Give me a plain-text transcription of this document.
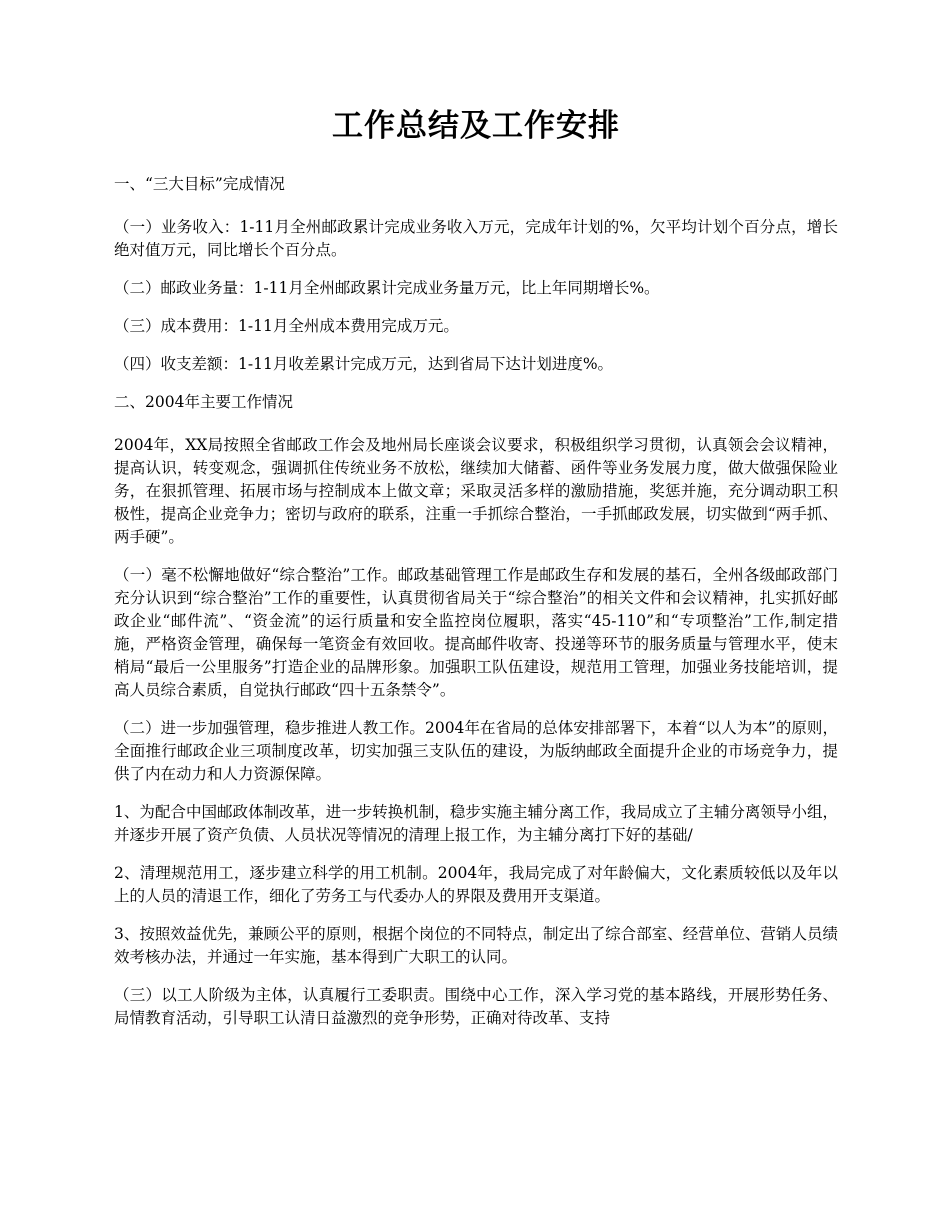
工作总结及工作安排

一、“三大目标”完成情况

（一）业务收入：1-11月全州邮政累计完成业务收入万元，完成年计划的%，欠平均计划个百分点，增长绝对值万元，同比增长个百分点。

（二）邮政业务量：1-11月全州邮政累计完成业务量万元，比上年同期增长%。

（三）成本费用：1-11月全州成本费用完成万元。

（四）收支差额：1-11月收差累计完成万元，达到省局下达计划进度%。

二、2004年主要工作情况

2004年，XX局按照全省邮政工作会及地州局长座谈会议要求，积极组织学习贯彻，认真领会会议精神，提高认识，转变观念，强调抓住传统业务不放松，继续加大储蓄、函件等业务发展力度，做大做强保险业务，在狠抓管理、拓展市场与控制成本上做文章；采取灵活多样的激励措施，奖惩并施，充分调动职工积极性，提高企业竞争力；密切与政府的联系，注重一手抓综合整治，一手抓邮政发展，切实做到“两手抓、两手硬”。

（一）毫不松懈地做好“综合整治”工作。邮政基础管理工作是邮政生存和发展的基石，全州各级邮政部门充分认识到“综合整治”工作的重要性，认真贯彻省局关于“综合整治”的相关文件和会议精神，扎实抓好邮政企业“邮件流”、“资金流”的运行质量和安全监控岗位履职，落实“45-110”和“专项整治”工作,制定措施，严格资金管理，确保每一笔资金有效回收。提高邮件收寄、投递等环节的服务质量与管理水平，使末梢局“最后一公里服务”打造企业的品牌形象。加强职工队伍建设，规范用工管理，加强业务技能培训，提高人员综合素质，自觉执行邮政“四十五条禁令”。

（二）进一步加强管理，稳步推进人教工作。2004年在省局的总体安排部署下，本着“以人为本”的原则，全面推行邮政企业三项制度改革，切实加强三支队伍的建设，为版纳邮政全面提升企业的市场竞争力，提供了内在动力和人力资源保障。

1、为配合中国邮政体制改革，进一步转换机制，稳步实施主辅分离工作，我局成立了主辅分离领导小组，并逐步开展了资产负债、人员状况等情况的清理上报工作，为主辅分离打下好的基础/

2、清理规范用工，逐步建立科学的用工机制。2004年，我局完成了对年龄偏大，文化素质较低以及年以上的人员的清退工作，细化了劳务工与代委办人的界限及费用开支渠道。

3、按照效益优先，兼顾公平的原则，根据个岗位的不同特点，制定出了综合部室、经营单位、营销人员绩效考核办法，并通过一年实施，基本得到广大职工的认同。

（三）以工人阶级为主体，认真履行工委职责。围绕中心工作，深入学习党的基本路线，开展形势任务、局情教育活动，引导职工认清日益激烈的竞争形势，正确对待改革、支持
